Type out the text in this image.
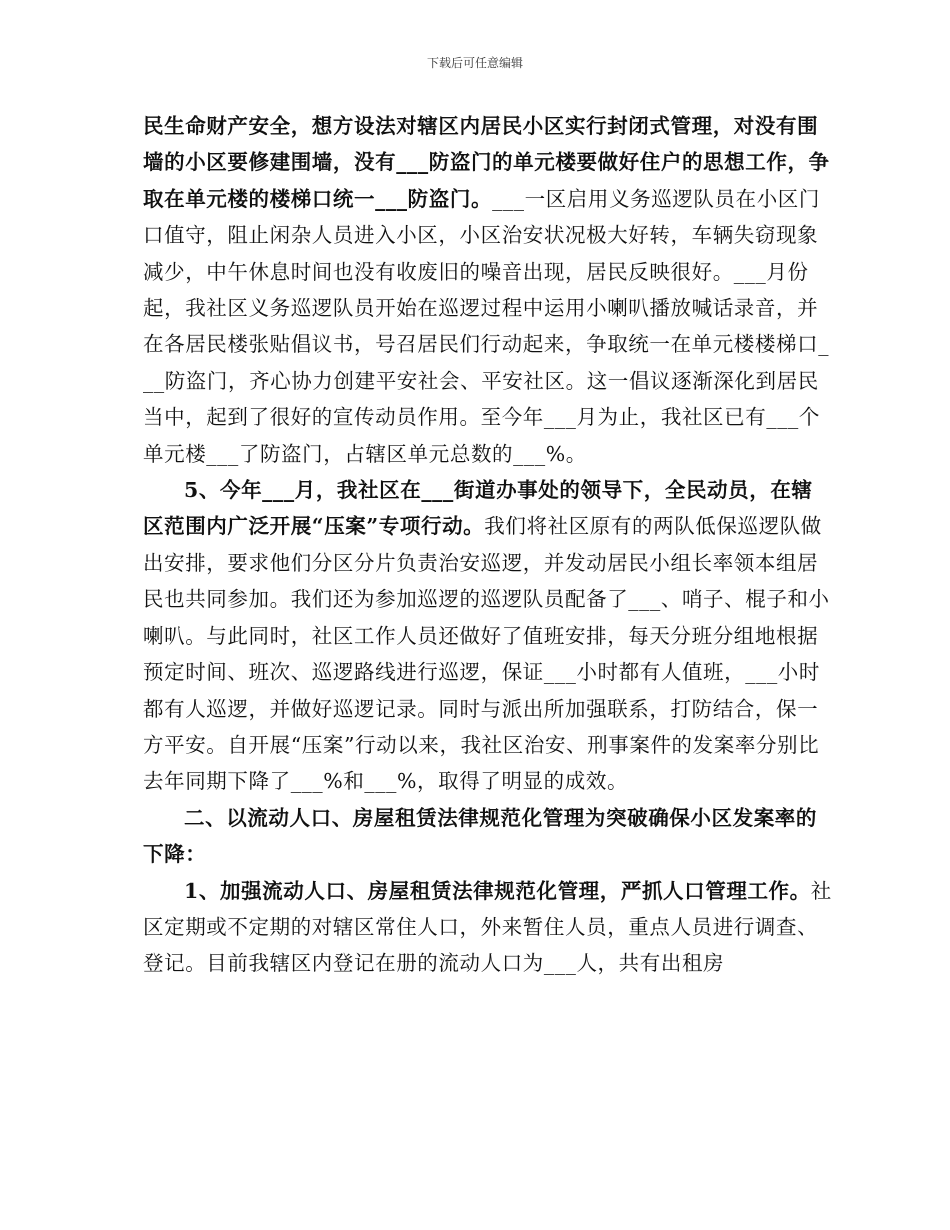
下载后可任意编辑

民生命财产安全，想方设法对辖区内居民小区实行封闭式管理，对没有围墙的小区要修建围墙，没有___防盗门的单元楼要做好住户的思想工作，争取在单元楼的楼梯口统一___防盗门。___一区启用义务巡逻队员在小区门口值守，阻止闲杂人员进入小区，小区治安状况极大好转，车辆失窃现象减少，中午休息时间也没有收废旧的噪音出现，居民反映很好。___月份起，我社区义务巡逻队员开始在巡逻过程中运用小喇叭播放喊话录音，并在各居民楼张贴倡议书，号召居民们行动起来，争取统一在单元楼楼梯口___防盗门，齐心协力创建平安社会、平安社区。这一倡议逐渐深化到居民当中，起到了很好的宣传动员作用。至今年___月为止，我社区已有___个单元楼___了防盗门，占辖区单元总数的___%。

5、今年___月，我社区在___街道办事处的领导下，全民动员，在辖区范围内广泛开展“压案”专项行动。我们将社区原有的两队低保巡逻队做出安排，要求他们分区分片负责治安巡逻，并发动居民小组长率领本组居民也共同参加。我们还为参加巡逻的巡逻队员配备了___、哨子、棍子和小喇叭。与此同时，社区工作人员还做好了值班安排，每天分班分组地根据预定时间、班次、巡逻路线进行巡逻，保证___小时都有人值班，___小时都有人巡逻，并做好巡逻记录。同时与派出所加强联系，打防结合，保一方平安。自开展“压案”行动以来，我社区治安、刑事案件的发案率分别比去年同期下降了___%和___%，取得了明显的成效。

二、以流动人口、房屋租赁法律规范化管理为突破确保小区发案率的下降：

1、加强流动人口、房屋租赁法律规范化管理，严抓人口管理工作。社区定期或不定期的对辖区常住人口，外来暂住人员，重点人员进行调查、登记。目前我辖区内登记在册的流动人口为___人，共有出租房
